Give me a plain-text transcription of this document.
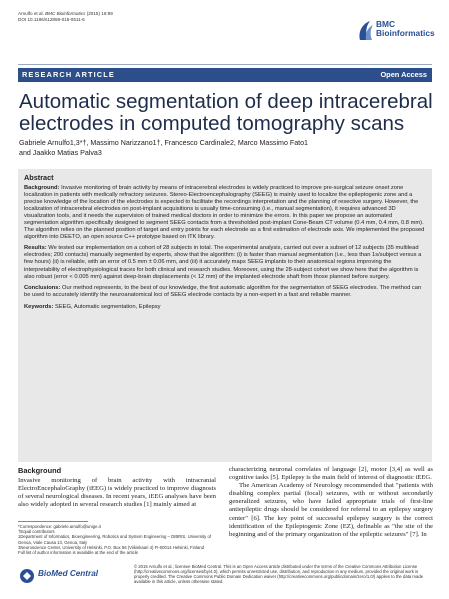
Arnulfo et al. BMC Bioinformatics (2015) 16:99
DOI 10.1186/s12859-015-0511-6	BMC
Bioinformatics
RESEARCH ARTICLE	Open Access
Automatic segmentation of deep intracerebral electrodes in computed tomography scans
Gabriele Arnulfo1,3*†, Massimo Narizzano1†, Francesco Cardinale2, Marco Massimo Fato1
and Jaakko Matias Palva3
Abstract

Background: Invasive monitoring of brain activity by means of intracerebral electrodes is widely practiced to improve pre-surgical seizure onset zone localization in patients with medically refractory seizures. Stereo-Electroencephalography (SEEG) is mainly used to localize the epileptogenic zone and a precise knowledge of the location of the electrodes is expected to facilitate the recordings interpretation and the planning of resective surgery. However, the localization of intracerebral electrodes on post-implant acquisitions is usually time-consuming (i.e., manual segmentation), it requires advanced 3D visualization tools, and it needs the supervision of trained medical doctors in order to minimize the errors. In this paper we propose an automated segmentation algorithm specifically designed to segment SEEG contacts from a thresholded post-implant Cone-Beam CT volume (0.4 mm, 0.4 mm, 0.8 mm). The algorithm relies on the planned position of target and entry points for each electrode as a first estimation of electrode axis. We implemented the proposed algorithm into DEETO, an open source C++ prototype based on ITK library.

Results: We tested our implementation on a cohort of 28 subjects in total. The experimental analysis, carried out over a subset of 12 subjects (35 multilead electrodes; 200 contacts) manually segmented by experts, show that the algorithm: (i) is faster than manual segmentation (i.e., less than 1s/subject versus a few hours) (ii) is reliable, with an error of 0.5 mm ± 0.06 mm, and (iii) it accurately maps SEEG implants to their anatomical regions improving the interpretability of electrophysiological traces for both clinical and research studies. Moreover, using the 28-subject cohort we show here that the algorithm is also robust (error < 0.005 mm) against deep-brain displacements (< 12 mm) of the implanted electrode shaft from those planned before surgery.

Conclusions: Our method represents, to the best of our knowledge, the first automatic algorithm for the segmentation of SEEG electrodes. The method can be used to accurately identify the neuroanatomical loci of SEEG electrode contacts by a non-expert in a fast and reliable manner.

Keywords: SEEG, Automatic segmentation, Epilepsy
Background

Invasive monitoring of brain activity with intracranial ElectroEncephaloGraphy (iEEG) is widely practiced to improve diagnosis of several neurological diseases. In recent years, iEEG analyses have been also widely adopted in several research studies [1] mainly aimed at

characterizing neuronal correlates of language [2], motor [3,4] as well as cognitive tasks [5]. Epilepsy is the main field of interest of diagnostic iEEG.

The American Academy of Neurology recommended that "patients with disabling complex partial (focal) seizures, with or without secondarily generalized seizures, who have failed appropriate trials of first-line antiepileptic drugs should be considered for referral to an epilepsy surgery center" [6]. The key point of successful epilepsy surgery is the correct identification of the Epileptogenic Zone (EZ), definable as "the site of the beginning and of the primary organization of the epileptic seizures" [7]. In

*Correspondence: gabriele.arnulfo@unige.it
†Equal contributors
1Department of Informatics, Bioengineering, Robotics and System Engineering – DIBRIS, University of Genoa, Viale Causa 13, Genoa, Italy
3Neuroscience Center, University of Helsinki, P.O. Box 56 (Viikinkaari 4) FI-00014 Helsinki, Finland
Full list of author information is available at the end of the article
BioMed Central
© 2015 Arnulfo et al.; licensee BioMed Central. This is an Open Access article distributed under the terms of the Creative Commons Attribution License (http://creativecommons.org/licenses/by/4.0), which permits unrestricted use, distribution, and reproduction in any medium, provided the original work is properly credited. The Creative Commons Public Domain Dedication waiver (http://creativecommons.org/publicdomain/zero/1.0/) applies to the data made available in this article, unless otherwise stated.
